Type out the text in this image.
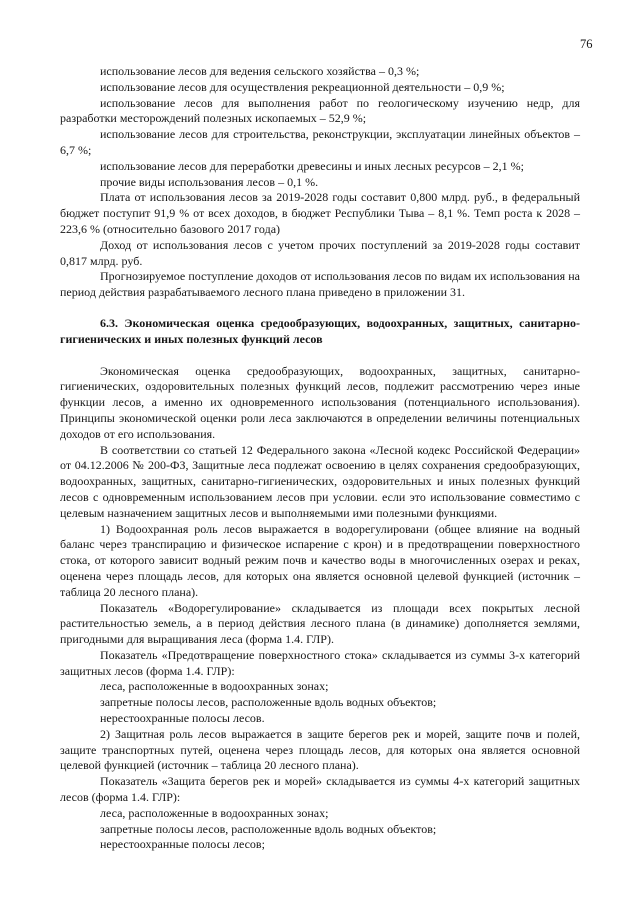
76
использование лесов для ведения сельского хозяйства – 0,3 %;
использование лесов для осуществления рекреационной деятельности – 0,9 %;
использование лесов для выполнения работ по геологическому изучению недр, для разработки месторождений полезных ископаемых – 52,9 %;
использование лесов для строительства, реконструкции, эксплуатации линейных объектов – 6,7 %;
использование лесов для переработки древесины и иных лесных ресурсов – 2,1 %;
прочие виды использования лесов – 0,1 %.
Плата от использования лесов за 2019-2028 годы составит 0,800 млрд. руб., в федеральный бюджет поступит 91,9 % от всех доходов, в бюджет Республики Тыва – 8,1 %. Темп роста к 2028 – 223,6 % (относительно базового 2017 года)
Доход от использования лесов с учетом прочих поступлений за 2019-2028 годы составит 0,817 млрд. руб.
Прогнозируемое поступление доходов от использования лесов по видам их использования на период действия разрабатываемого лесного плана приведено в приложении 31.
6.3. Экономическая оценка средообразующих, водоохранных, защитных, санитарно-гигиенических и иных полезных функций лесов
Экономическая оценка средообразующих, водоохранных, защитных, санитарно-гигиенических, оздоровительных полезных функций лесов, подлежит рассмотрению через иные функции лесов, а именно их одновременного использования (потенциального использования). Принципы экономической оценки роли леса заключаются в определении величины потенциальных доходов от его использования.
В соответствии со статьей 12 Федерального закона «Лесной кодекс Российской Федерации» от 04.12.2006 № 200-ФЗ, Защитные леса подлежат освоению в целях сохранения средообразующих, водоохранных, защитных, санитарно-гигиенических, оздоровительных и иных полезных функций лесов с одновременным использованием лесов при условии. если это использование совместимо с целевым назначением защитных лесов и выполняемыми ими полезными функциями.
1) Водоохранная роль лесов выражается в водорегулировани (общее влияние на водный баланс через транспирацию и физическое испарение с крон) и в предотвращении поверхностного стока, от которого зависит водный режим почв и качество воды в многочисленных озерах и реках, оценена через площадь лесов, для которых она является основной целевой функцией (источник – таблица 20 лесного плана).
Показатель «Водорегулирование» складывается из площади всех покрытых лесной растительностью земель, а в период действия лесного плана (в динамике) дополняется землями, пригодными для выращивания леса (форма 1.4. ГЛР).
Показатель «Предотвращение поверхностного стока» складывается из суммы 3-х категорий защитных лесов (форма 1.4. ГЛР):
леса, расположенные в водоохранных зонах;
запретные полосы лесов, расположенные вдоль водных объектов;
нерестоохранные полосы лесов.
2) Защитная роль лесов выражается в защите берегов рек и морей, защите почв и полей, защите транспортных путей, оценена через площадь лесов, для которых она является основной целевой функцией (источник – таблица 20 лесного плана).
Показатель «Защита берегов рек и морей» складывается из суммы 4-х категорий защитных лесов (форма 1.4. ГЛР):
леса, расположенные в водоохранных зонах;
запретные полосы лесов, расположенные вдоль водных объектов;
нерестоохранные полосы лесов;
